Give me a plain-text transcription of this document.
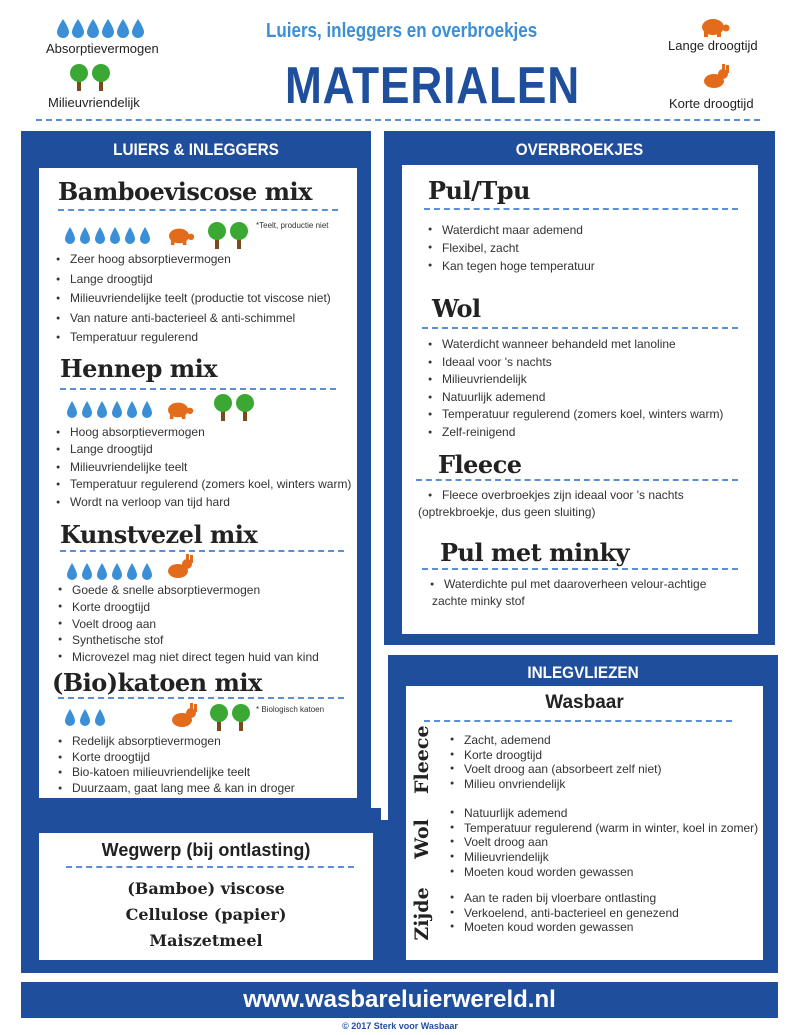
Absorptievermogen
Milieuvriendelijk
Luiers, inleggers en overbroekjes
MATERIALEN
Lange droogtijd
Korte droogtijd
LUIERS & INLEGGERS
Bamboeviscose mix
*Teelt, productie niet
● Zeer hoog absorptievermogen
● Lange droogtijd
● Milieuvriendelijke teelt (productie tot viscose niet)
● Van nature anti-bacterieel & anti-schimmel
● Temperatuur regulerend
Hennep mix
● Hoog absorptievermogen
● Lange droogtijd
● Milieuvriendelijke teelt
● Temperatuur regulerend (zomers koel, winters warm)
● Wordt na verloop van tijd hard
Kunstvezel mix
● Goede & snelle absorptievermogen
● Korte droogtijd
● Voelt droog aan
● Synthetische stof
● Microvezel mag niet direct tegen huid van kind
(Bio)katoen mix
* Biologisch katoen
● Redelijk absorptievermogen
● Korte droogtijd
● Bio-katoen milieuvriendelijke teelt
● Duurzaam, gaat lang mee & kan in droger
OVERBROEKJES
Pul/Tpu
● Waterdicht maar ademend
● Flexibel, zacht
● Kan tegen hoge temperatuur
Wol
● Waterdicht wanneer behandeld met lanoline
● Ideaal voor 's nachts
● Milieuvriendelijk
● Natuurlijk ademend
● Temperatuur regulerend (zomers koel, winters warm)
● Zelf-reinigend
Fleece
● Fleece overbroekjes zijn ideaal voor 's nachts
(optrekbroekje, dus geen sluiting)
Pul met minky
● Waterdichte pul met daaroverheen velour-achtige
zachte minky stof
INLEGVLIEZEN
Wasbaar
Fleece	● Zacht, ademend
● Korte droogtijd
● Voelt droog aan (absorbeert zelf niet)
● Milieu onvriendelijk
Wol
● Natuurlijk ademend
● Temperatuur regulerend (warm in winter, koel in zomer)
● Voelt droog aan
● Milieuvriendelijk
● Moeten koud worden gewassen
Zijde	● Aan te raden bij vloerbare ontlasting
● Verkoelend, anti-bacterieel en genezend
● Moeten koud worden gewassen
Wegwerp (bij ontlasting)
(Bamboe) viscose
Cellulose (papier)
Maiszetmeel
www.wasbareluierwereld.nl
© 2017 Sterk voor Wasbaar
